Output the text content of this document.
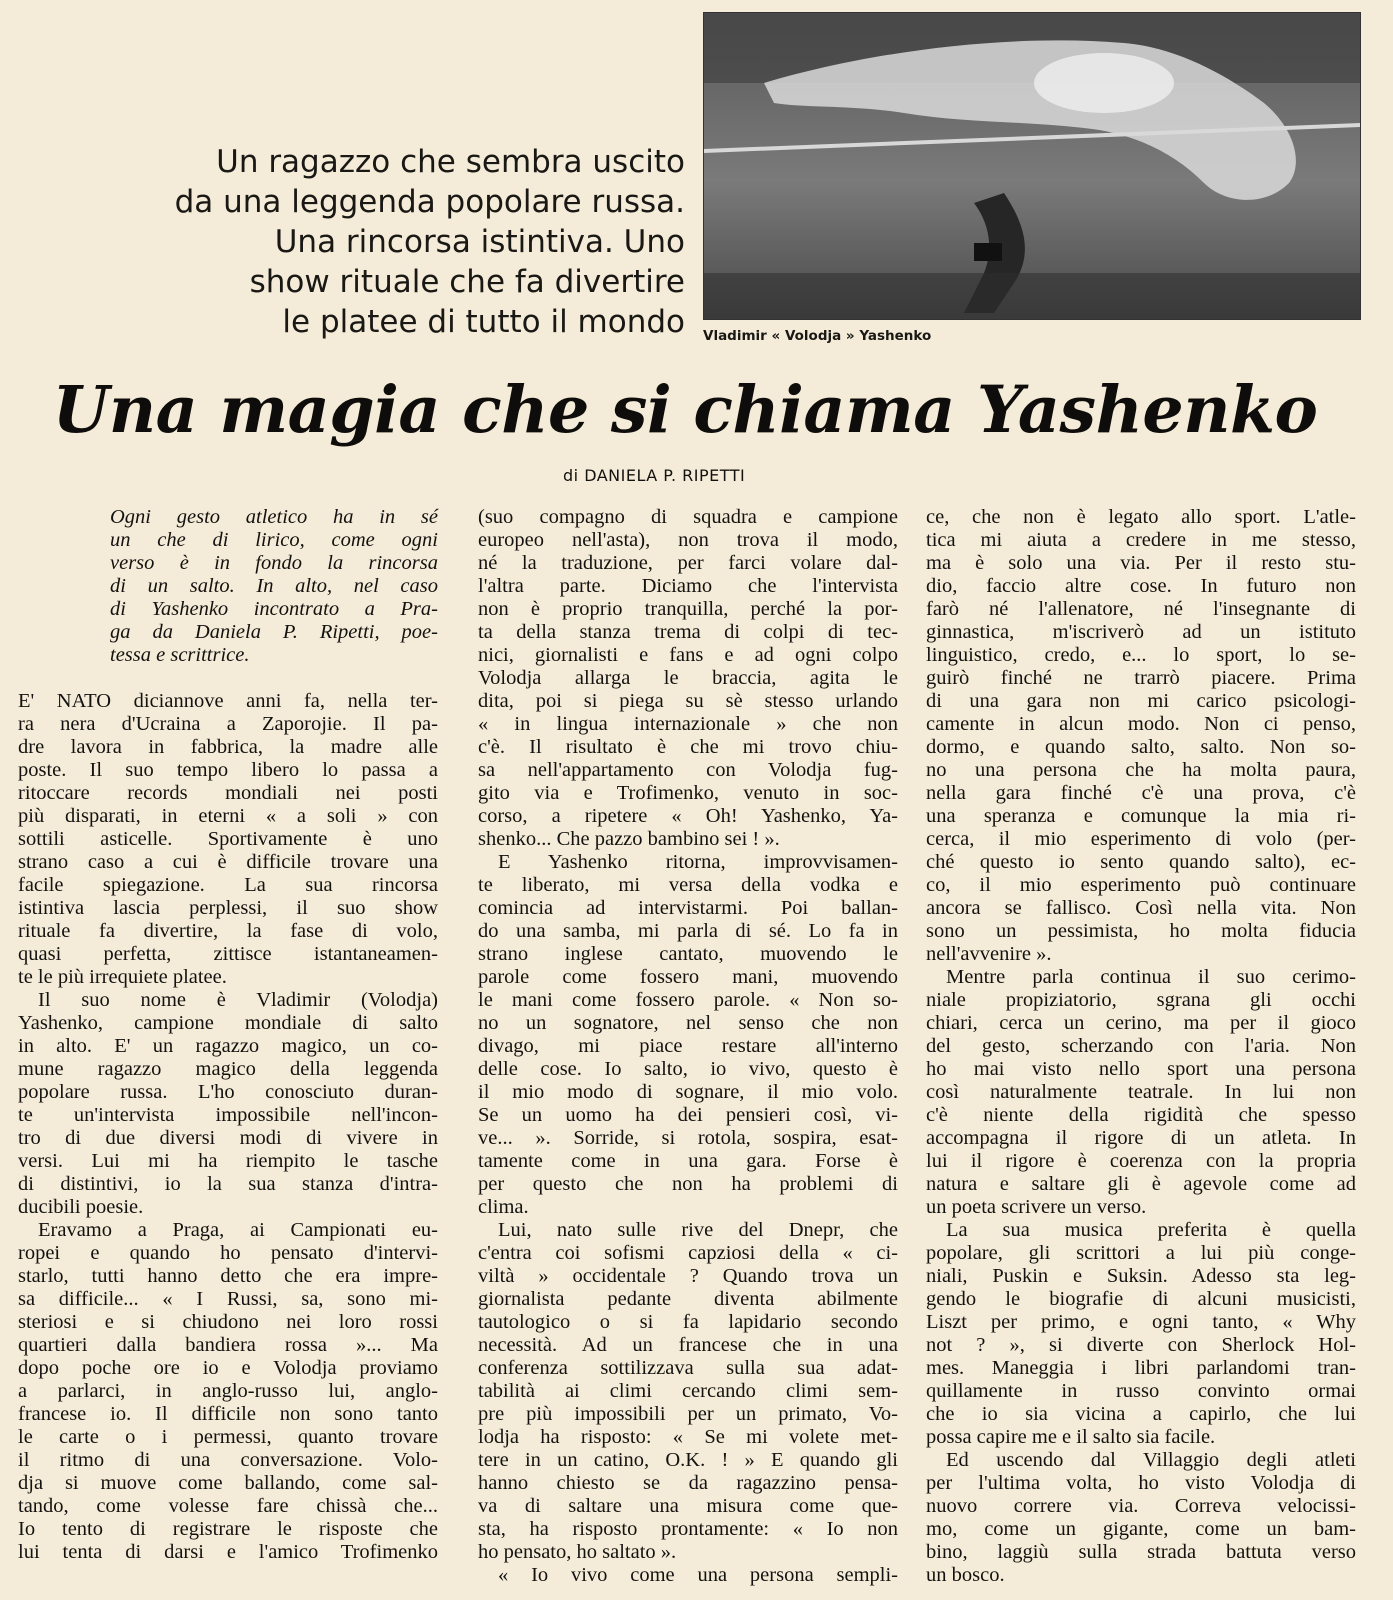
Un ragazzo che sembra uscito
da una leggenda popolare russa.
Una rincorsa istintiva. Uno
show rituale che fa divertire
le platee di tutto il mondo Vladimir « Volodja » Yashenko
Una magia che si chiama Yashenko
di DANIELA P. RIPETTI

Ogni gesto atletico ha in sé

un che di lirico, come ogni

verso è in fondo la rincorsa

di un salto. In alto, nel caso

di Yashenko incontrato a Pra-

ga da Daniela P. Ripetti, poe-

tessa e scrittrice.

E' NATO diciannove anni fa, nella ter-

ra nera d'Ucraina a Zaporojie. Il pa-

dre lavora in fabbrica, la madre alle

poste. Il suo tempo libero lo passa a

ritoccare records mondiali nei posti

più disparati, in eterni « a soli » con

sottili asticelle. Sportivamente è uno

strano caso a cui è difficile trovare una

facile spiegazione. La sua rincorsa

istintiva lascia perplessi, il suo show

rituale fa divertire, la fase di volo,

quasi perfetta, zittisce istantaneamen-

te le più irrequiete platee.

Il suo nome è Vladimir (Volodja)

Yashenko, campione mondiale di salto

in alto. E' un ragazzo magico, un co-

mune ragazzo magico della leggenda

popolare russa. L'ho conosciuto duran-

te un'intervista impossibile nell'incon-

tro di due diversi modi di vivere in

versi. Lui mi ha riempito le tasche

di distintivi, io la sua stanza d'intra-

ducibili poesie.

Eravamo a Praga, ai Campionati eu-

ropei e quando ho pensato d'intervi-

starlo, tutti hanno detto che era impre-

sa difficile... « I Russi, sa, sono mi-

steriosi e si chiudono nei loro rossi

quartieri dalla bandiera rossa »... Ma

dopo poche ore io e Volodja proviamo

a parlarci, in anglo-russo lui, anglo-

francese io. Il difficile non sono tanto

le carte o i permessi, quanto trovare

il ritmo di una conversazione. Volo-

dja si muove come ballando, come sal-

tando, come volesse fare chissà che...

Io tento di registrare le risposte che

lui tenta di darsi e l'amico Trofimenko

(suo compagno di squadra e campione

europeo nell'asta), non trova il modo,

né la traduzione, per farci volare dal-

l'altra parte. Diciamo che l'intervista

non è proprio tranquilla, perché la por-

ta della stanza trema di colpi di tec-

nici, giornalisti e fans e ad ogni colpo

Volodja allarga le braccia, agita le

dita, poi si piega su sè stesso urlando

« in lingua internazionale » che non

c'è. Il risultato è che mi trovo chiu-

sa nell'appartamento con Volodja fug-

gito via e Trofimenko, venuto in soc-

corso, a ripetere « Oh! Yashenko, Ya-

shenko... Che pazzo bambino sei ! ».

E Yashenko ritorna, improvvisamen-

te liberato, mi versa della vodka e

comincia ad intervistarmi. Poi ballan-

do una samba, mi parla di sé. Lo fa in

strano inglese cantato, muovendo le

parole come fossero mani, muovendo

le mani come fossero parole. « Non so-

no un sognatore, nel senso che non

divago, mi piace restare all'interno

delle cose. Io salto, io vivo, questo è

il mio modo di sognare, il mio volo.

Se un uomo ha dei pensieri così, vi-

ve... ». Sorride, si rotola, sospira, esat-

tamente come in una gara. Forse è

per questo che non ha problemi di

clima.

Lui, nato sulle rive del Dnepr, che

c'entra coi sofismi capziosi della « ci-

viltà » occidentale ? Quando trova un

giornalista pedante diventa abilmente

tautologico o si fa lapidario secondo

necessità. Ad un francese che in una

conferenza sottilizzava sulla sua adat-

tabilità ai climi cercando climi sem-

pre più impossibili per un primato, Vo-

lodja ha risposto: « Se mi volete met-

tere in un catino, O.K. ! » E quando gli

hanno chiesto se da ragazzino pensa-

va di saltare una misura come que-

sta, ha risposto prontamente: « Io non

ho pensato, ho saltato ».

« Io vivo come una persona sempli-

ce, che non è legato allo sport. L'atle-

tica mi aiuta a credere in me stesso,

ma è solo una via. Per il resto stu-

dio, faccio altre cose. In futuro non

farò né l'allenatore, né l'insegnante di

ginnastica, m'iscriverò ad un istituto

linguistico, credo, e... lo sport, lo se-

guirò finché ne trarrò piacere. Prima

di una gara non mi carico psicologi-

camente in alcun modo. Non ci penso,

dormo, e quando salto, salto. Non so-

no una persona che ha molta paura,

nella gara finché c'è una prova, c'è

una speranza e comunque la mia ri-

cerca, il mio esperimento di volo (per-

ché questo io sento quando salto), ec-

co, il mio esperimento può continuare

ancora se fallisco. Così nella vita. Non

sono un pessimista, ho molta fiducia

nell'avvenire ».

Mentre parla continua il suo cerimo-

niale propiziatorio, sgrana gli occhi

chiari, cerca un cerino, ma per il gioco

del gesto, scherzando con l'aria. Non

ho mai visto nello sport una persona

così naturalmente teatrale. In lui non

c'è niente della rigidità che spesso

accompagna il rigore di un atleta. In

lui il rigore è coerenza con la propria

natura e saltare gli è agevole come ad

un poeta scrivere un verso.

La sua musica preferita è quella

popolare, gli scrittori a lui più conge-

niali, Puskin e Suksin. Adesso sta leg-

gendo le biografie di alcuni musicisti,

Liszt per primo, e ogni tanto, « Why

not ? », si diverte con Sherlock Hol-

mes. Maneggia i libri parlandomi tran-

quillamente in russo convinto ormai

che io sia vicina a capirlo, che lui

possa capire me e il salto sia facile.

Ed uscendo dal Villaggio degli atleti

per l'ultima volta, ho visto Volodja di

nuovo correre via. Correva velocissi-

mo, come un gigante, come un bam-

bino, laggiù sulla strada battuta verso

un bosco.
